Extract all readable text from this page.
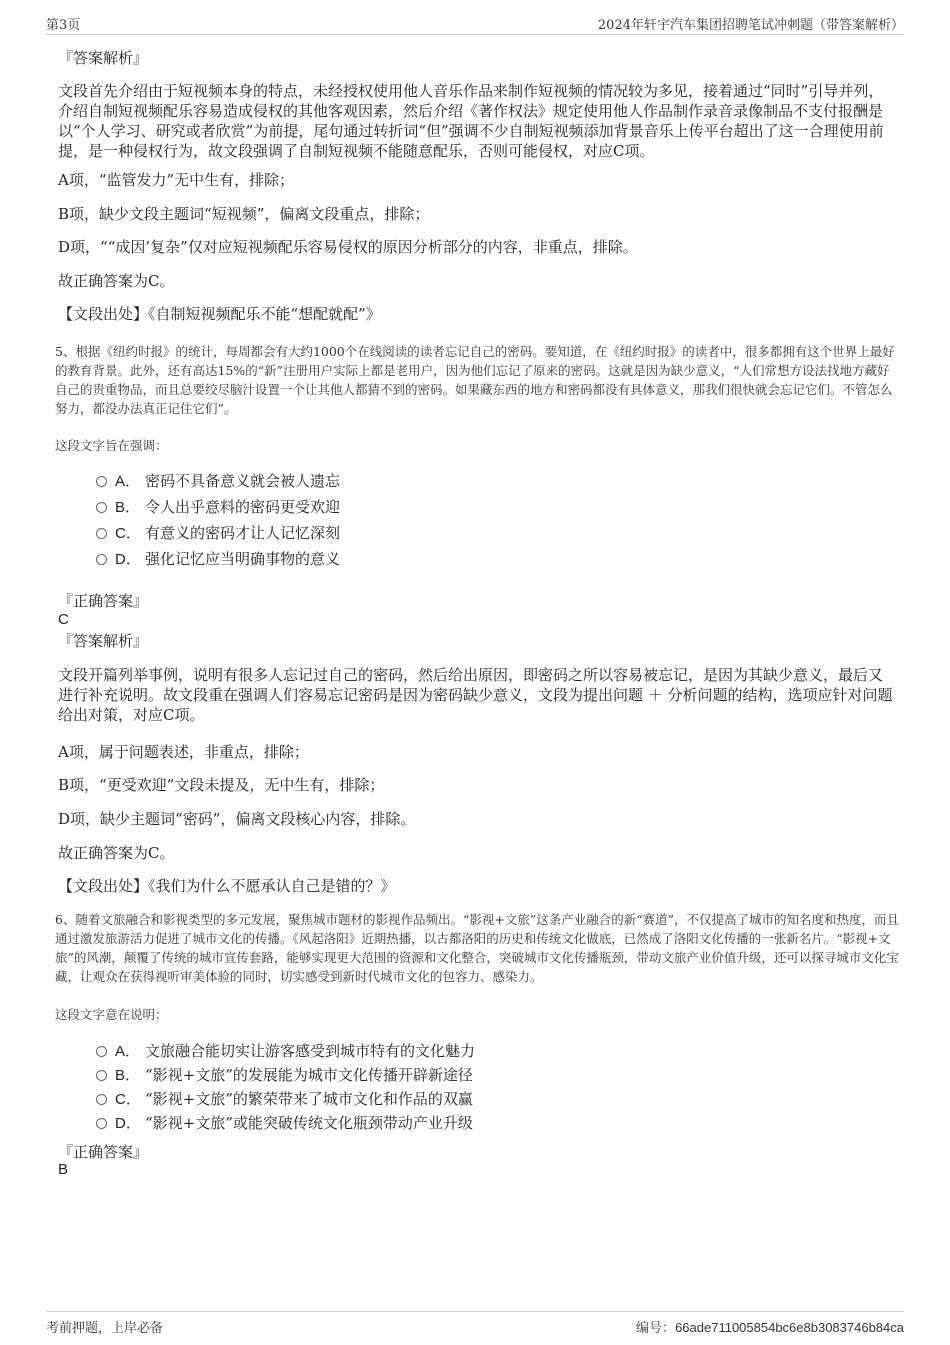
第3页	2024年轩宇汽车集团招聘笔试冲刺题（带答案解析）
『答案解析』
文段首先介绍由于短视频本身的特点，未经授权使用他人音乐作品来制作短视频的情况较为多见，接着通过“同时”引导并列，介绍自制短视频配乐容易造成侵权的其他客观因素，然后介绍《著作权法》规定使用他人作品制作录音录像制品不支付报酬是以“个人学习、研究或者欣赏”为前提，尾句通过转折词“但”强调不少自制短视频添加背景音乐上传平台超出了这一合理使用前提，是一种侵权行为，故文段强调了自制短视频不能随意配乐，否则可能侵权，对应C项。
A项，“监管发力”无中生有，排除；
B项，缺少文段主题词“短视频”，偏离文段重点，排除；
D项，““成因’复杂”仅对应短视频配乐容易侵权的原因分析部分的内容，非重点，排除。
故正确答案为C。
【文段出处】《自制短视频配乐不能“想配就配”》
5、根据《纽约时报》的统计，每周都会有大约1000个在线阅读的读者忘记自己的密码。要知道，在《纽约时报》的读者中，很多都拥有这个世界上最好的教育背景。此外，还有高达15%的“新”注册用户实际上都是老用户，因为他们忘记了原来的密码。这就是因为缺少意义，“人们常想方设法找地方藏好自己的贵重物品，而且总要绞尽脑汁设置一个让其他人都猜不到的密码。如果藏东西的地方和密码都没有具体意义，那我们很快就会忘记它们。不管怎么努力，都没办法真正记住它们”。
这段文字旨在强调：
A． 密码不具备意义就会被人遗忘
B． 令人出乎意料的密码更受欢迎
C． 有意义的密码才让人记忆深刻
D． 强化记忆应当明确事物的意义
『正确答案』
C
『答案解析』
文段开篇列举事例，说明有很多人忘记过自己的密码，然后给出原因，即密码之所以容易被忘记，是因为其缺少意义，最后又进行补充说明。故文段重在强调人们容易忘记密码是因为密码缺少意义，文段为提出问题 ＋ 分析问题的结构，选项应针对问题给出对策，对应C项。
A项，属于问题表述，非重点，排除；
B项，“更受欢迎”文段未提及，无中生有，排除；
D项，缺少主题词“密码”，偏离文段核心内容，排除。
故正确答案为C。
【文段出处】《我们为什么不愿承认自己是错的？》
6、随着文旅融合和影视类型的多元发展，聚焦城市题材的影视作品频出。“影视+文旅”这条产业融合的新“赛道”，不仅提高了城市的知名度和热度，而且通过激发旅游活力促进了城市文化的传播。《风起洛阳》近期热播，以古都洛阳的历史和传统文化做底，已然成了洛阳文化传播的一张新名片。“影视+文旅”的风潮，颠覆了传统的城市宣传套路，能够实现更大范围的资源和文化整合，突破城市文化传播瓶颈，带动文旅产业价值升级，还可以探寻城市文化宝藏，让观众在获得视听审美体验的同时，切实感受到新时代城市文化的包容力、感染力。
这段文字意在说明：
A． 文旅融合能切实让游客感受到城市特有的文化魅力
B． “影视+文旅”的发展能为城市文化传播开辟新途径
C． “影视+文旅”的繁荣带来了城市文化和作品的双赢
D． “影视+文旅”或能突破传统文化瓶颈带动产业升级
『正确答案』
B
考前押题，上岸必备	编号：66ade711005854bc6e8b3083746b84ca
